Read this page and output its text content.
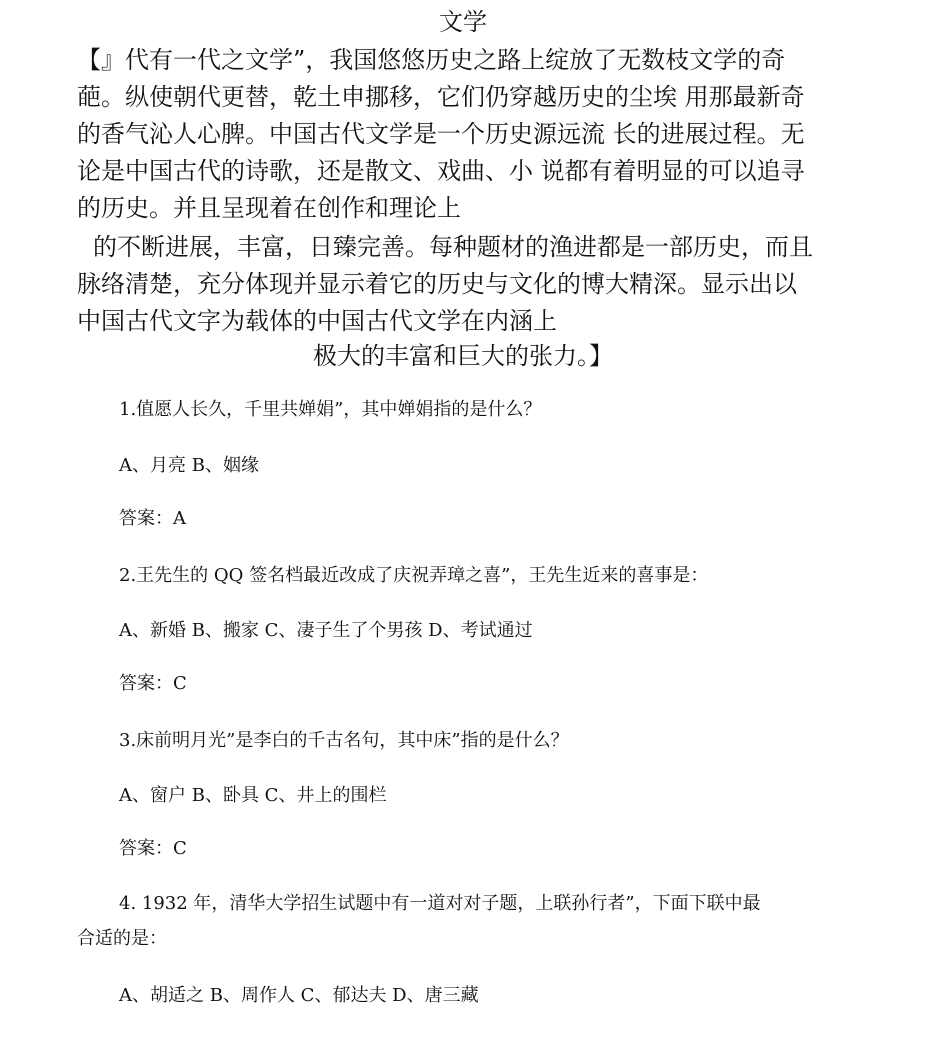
文学
【』代有一代之文学”，我国悠悠历史之路上绽放了无数枝文学的奇
葩。纵使朝代更替，乾土申挪移，它们仍穿越历史的尘埃 用那最新奇
的香气沁人心脾。中国古代文学是一个历史源远流 长的进展过程。无
论是中国古代的诗歌，还是散文、戏曲、小 说都有着明显的可以追寻
的历史。并且呈现着在创作和理论上
的不断进展，丰富，日臻完善。每种题材的渔进都是一部历史，而且
脉络清楚，充分体现并显示着它的历史与文化的博大精深。显示出以
中国古代文字为载体的中国古代文学在内涵上
极大的丰富和巨大的张力。】
1.值愿人长久，千里共婵娟”，其中婵娟指的是什么？
A、月亮 B、姻缘
答案：A
2.王先生的 QQ 签名档最近改成了庆祝弄璋之喜”，王先生近来的喜事是：
A、新婚 B、搬家 C、凄子生了个男孩 D、考试通过
答案：C
3.床前明月光”是李白的千古名句，其中床”指的是什么？
A、窗户 B、卧具 C、井上的围栏
答案：C
4. 1932 年，清华大学招生试题中有一道对对子题，上联孙行者”，下面下联中最
合适的是：
A、胡适之 B、周作人 C、郁达夫 D、唐三藏
